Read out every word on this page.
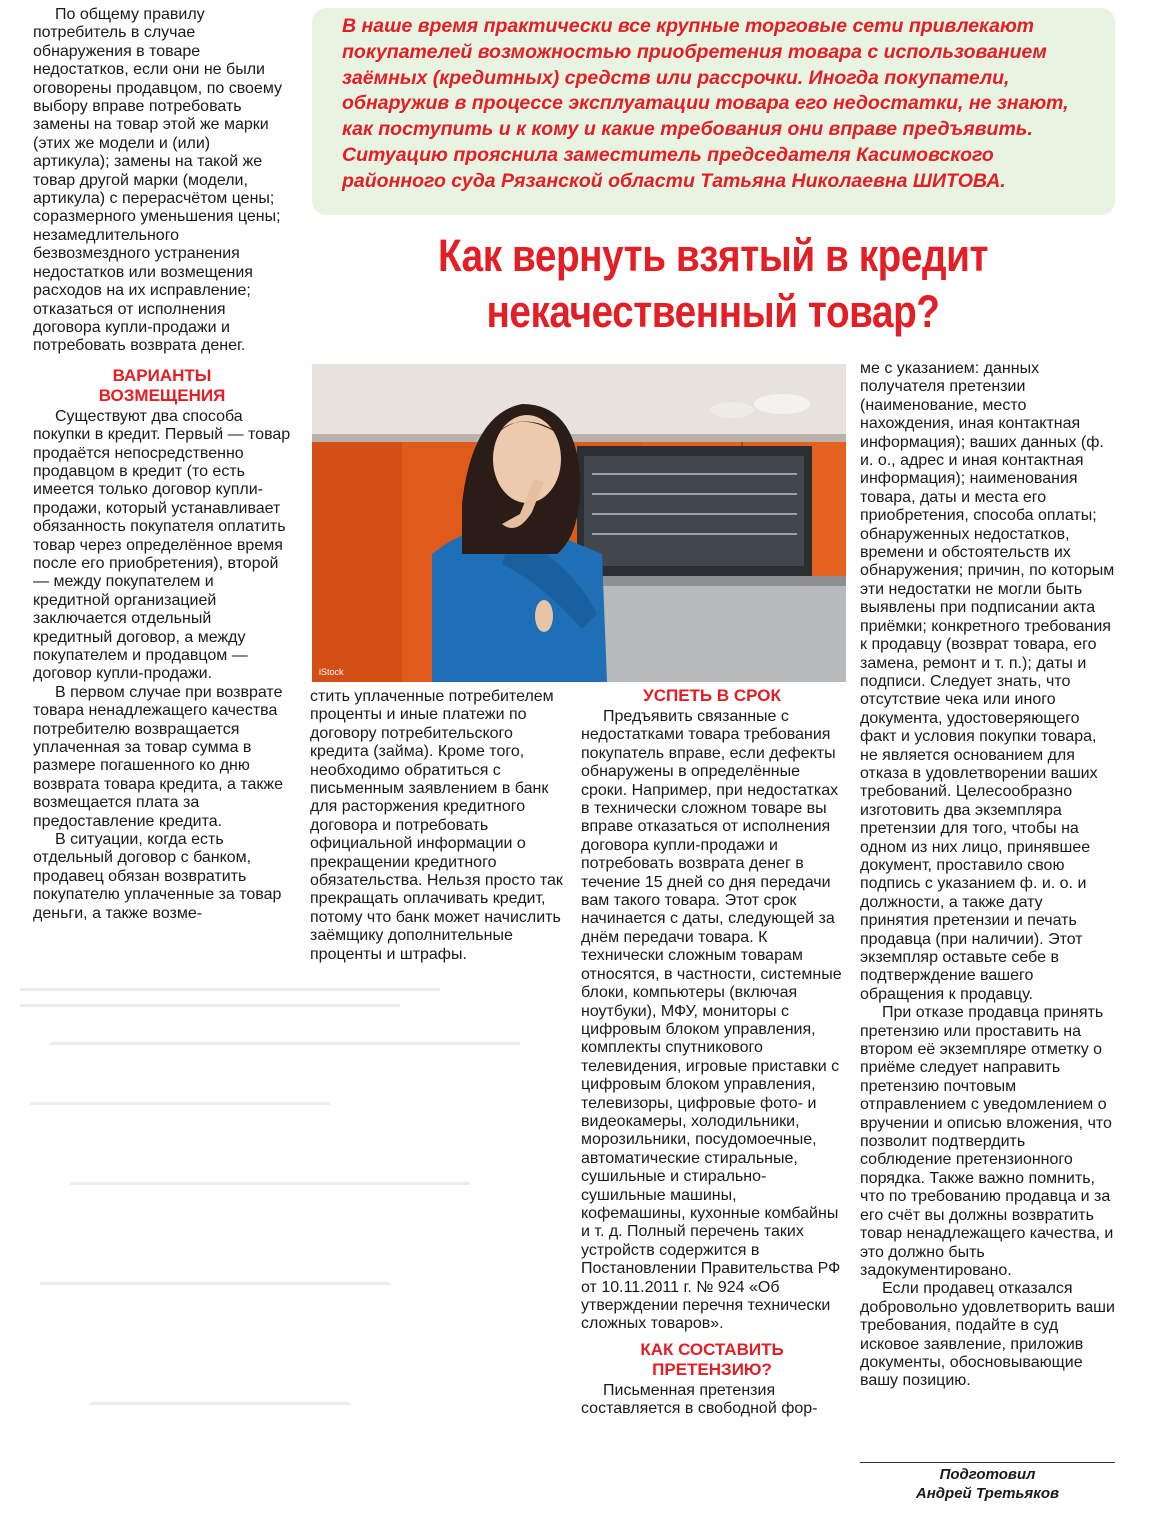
В наше время практически все крупные торговые сети привлекают покупателей возможностью приобретения товара с использованием заёмных (кредитных) средств или рассрочки. Иногда покупатели, обнаружив в процессе эксплуатации товара его недостатки, не знают, как поступить и к кому и какие требования они вправе предъявить. Ситуацию прояснила заместитель председателя Касимовского районного суда Рязанской области Татьяна Николаевна ШИТОВА.
Как вернуть взятый в кредит
некачественный товар?

По общему правилу потребитель в случае обнаружения в товаре недостатков, если они не были оговорены продавцом, по своему выбору вправе потребовать замены на товар этой же марки (этих же модели и (или) артикула); замены на такой же товар другой марки (модели, артикула) с перерасчётом цены; соразмерного уменьшения цены; незамедлительного безвозмездного устранения недостатков или возмещения расходов на их исправление; отказаться от исполнения договора купли-продажи и потребовать возврата денег.

ВАРИАНТЫ
ВОЗМЕЩЕНИЯ

Существуют два способа покупки в кредит. Первый — товар продаётся непосредственно продавцом в кредит (то есть имеется только договор купли-продажи, который устанавливает обязанность покупателя оплатить товар через определённое время после его приобретения), второй — между покупателем и кредитной организацией заключается отдельный кредитный договор, а между покупателем и продавцом — договор купли-продажи.

В первом случае при возврате товара ненадлежащего качества потребителю возвращается уплаченная за товар сумма в размере погашенного ко дню возврата товара кредита, а также возмещается плата за предоставление кредита.

В ситуации, когда есть отдельный договор с банком, продавец обязан возвратить покупателю уплаченные за товар деньги, а также возме-

iStock

стить уплаченные потребителем проценты и иные платежи по договору потребительского кредита (займа). Кроме того, необходимо обратиться с письменным заявлением в банк для расторжения кредитного договора и потребовать официальной информации о прекращении кредитного обязательства. Нельзя просто так прекращать оплачивать кредит, потому что банк может начислить заёмщику дополнительные проценты и штрафы.

УСПЕТЬ В СРОК

Предъявить связанные с недостатками товара требования покупатель вправе, если дефекты обнаружены в определённые сроки. Например, при недостатках в технически сложном товаре вы вправе отказаться от исполнения договора купли-продажи и потребовать возврата денег в течение 15 дней со дня передачи вам такого товара. Этот срок начинается с даты, следующей за днём передачи товара. К технически сложным товарам относятся, в частности, системные блоки, компьютеры (включая ноутбуки), МФУ, мониторы с цифровым блоком управления, комплекты спутникового телевидения, игровые приставки с цифровым блоком управления, телевизоры, цифровые фото- и видеокамеры, холодильники, морозильники, посудомоечные, автоматические стиральные, сушильные и стирально-сушильные машины, кофемашины, кухонные комбайны и т. д. Полный перечень таких устройств содержится в Постановлении Правительства РФ от 10.11.2011 г. № 924 «Об утверждении перечня технически сложных товаров».

КАК СОСТАВИТЬ
ПРЕТЕНЗИЮ?

Письменная претензия составляется в свободной фор-

ме с указанием: данных получателя претензии (наименование, место нахождения, иная контактная информация); ваших данных (ф. и. о., адрес и иная контактная информация); наименования товара, даты и места его приобретения, способа оплаты; обнаруженных недостатков, времени и обстоятельств их обнаружения; причин, по которым эти недостатки не могли быть выявлены при подписании акта приёмки; конкретного требования к продавцу (возврат товара, его замена, ремонт и т. п.); даты и подписи. Следует знать, что отсутствие чека или иного документа, удостоверяющего факт и условия покупки товара, не является основанием для отказа в удовлетворении ваших требований. Целесообразно изготовить два экземпляра претензии для того, чтобы на одном из них лицо, принявшее документ, проставило свою подпись с указанием ф. и. о. и должности, а также дату принятия претензии и печать продавца (при наличии). Этот экземпляр оставьте себе в подтверждение вашего обращения к продавцу.

При отказе продавца принять претензию или проставить на втором её экземпляре отметку о приёме следует направить претензию почтовым отправлением с уведомлением о вручении и описью вложения, что позволит подтвердить соблюдение претензионного порядка. Также важно помнить, что по требованию продавца и за его счёт вы должны возвратить товар ненадлежащего качества, и это должно быть задокументировано.

Если продавец отказался добровольно удовлетворить ваши требования, подайте в суд исковое заявление, приложив документы, обосновывающие вашу позицию.

Подготовил
Андрей Третьяков
